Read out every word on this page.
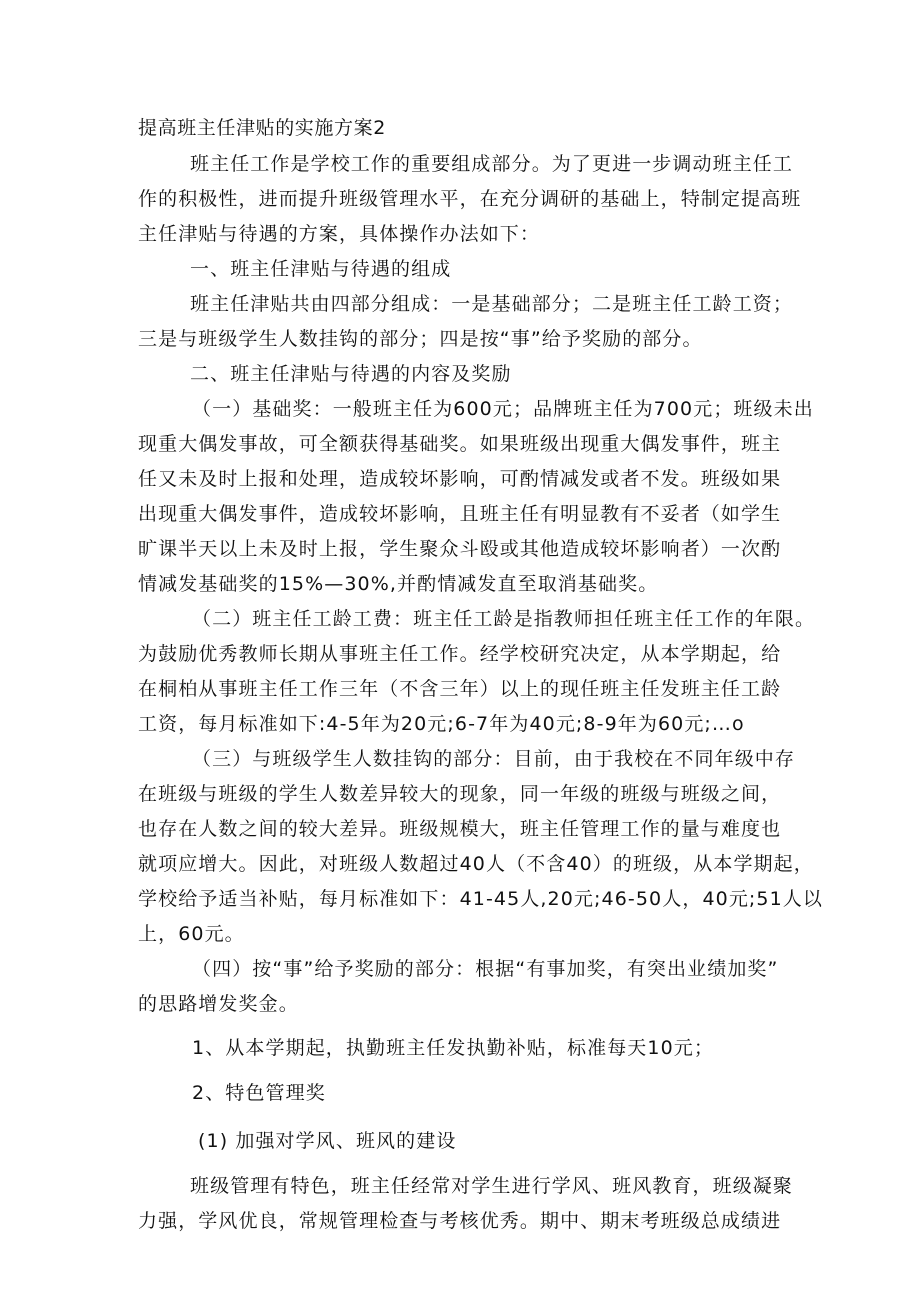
提高班主任津贴的实施方案2
班主任工作是学校工作的重要组成部分。为了更进一步调动班主任工
作的积极性，进而提升班级管理水平，在充分调研的基础上，特制定提高班
主任津贴与待遇的方案，具体操作办法如下：
一、班主任津贴与待遇的组成
班主任津贴共由四部分组成：一是基础部分；二是班主任工龄工资；
三是与班级学生人数挂钩的部分；四是按“事”给予奖励的部分。
二、班主任津贴与待遇的内容及奖励
（一）基础奖：一般班主任为600元；品牌班主任为700元；班级未出
现重大偶发事故，可全额获得基础奖。如果班级出现重大偶发事件，班主
任又未及时上报和处理，造成较坏影响，可酌情减发或者不发。班级如果
出现重大偶发事件，造成较坏影响，且班主任有明显教有不妥者（如学生
旷课半天以上未及时上报，学生聚众斗殴或其他造成较坏影响者）一次酌
情减发基础奖的15%—30%,并酌情减发直至取消基础奖。
（二）班主任工龄工费：班主任工龄是指教师担任班主任工作的年限。
为鼓励优秀教师长期从事班主任工作。经学校研究决定，从本学期起，给
在桐柏从事班主任工作三年（不含三年）以上的现任班主任发班主任工龄
工资，每月标准如下:4-5年为20元;6-7年为40元;8-9年为60元;…o
（三）与班级学生人数挂钩的部分：目前，由于我校在不同年级中存
在班级与班级的学生人数差异较大的现象，同一年级的班级与班级之间，
也存在人数之间的较大差异。班级规模大，班主任管理工作的量与难度也
就项应增大。因此，对班级人数超过40人（不含40）的班级，从本学期起，
学校给予适当补贴，每月标准如下：41-45人,20元;46-50人，40元;51人以
上，60元。
（四）按“事”给予奖励的部分：根据“有事加奖，有突出业绩加奖”
的思路增发奖金。
1、从本学期起，执勤班主任发执勤补贴，标准每天10元；
2、特色管理奖
(1) 加强对学风、班风的建设
班级管理有特色，班主任经常对学生进行学风、班风教育，班级凝聚
力强，学风优良，常规管理检查与考核优秀。期中、期末考班级总成绩进
